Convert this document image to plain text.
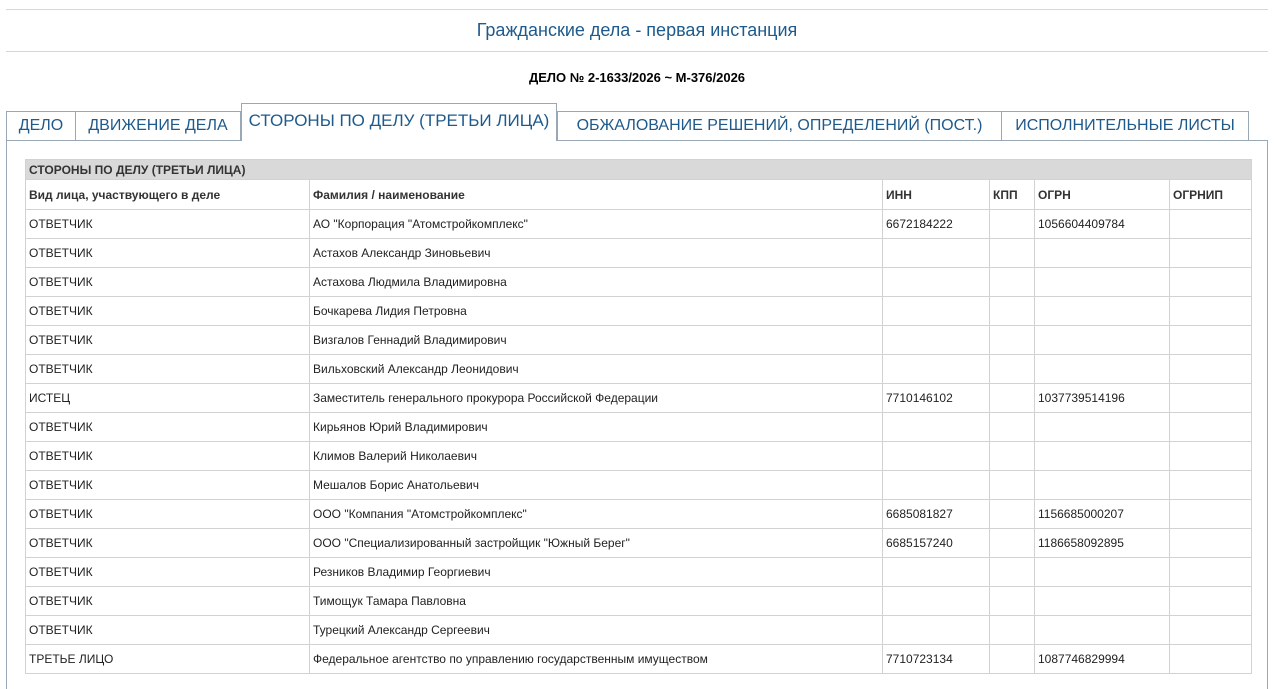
Гражданские дела - первая инстанция
ДЕЛО № 2-1633/2026 ~ М-376/2026
ДЕЛО	ДВИЖЕНИЕ ДЕЛА	СТОРОНЫ ПО ДЕЛУ (ТРЕТЬИ ЛИЦА)	ОБЖАЛОВАНИЕ РЕШЕНИЙ, ОПРЕДЕЛЕНИЙ (ПОСТ.)	ИСПОЛНИТЕЛЬНЫЕ ЛИСТЫ
СТОРОНЫ ПО ДЕЛУ (ТРЕТЬИ ЛИЦА)					
Вид лица, участвующего в деле	Фамилия / наименование	ИНН	КПП	ОГРН	ОГРНИП
ОТВЕТЧИК	АО "Корпорация "Атомстройкомплекс"	6672184222		1056604409784	
ОТВЕТЧИК	Астахов Александр Зиновьевич				
ОТВЕТЧИК	Астахова Людмила Владимировна				
ОТВЕТЧИК	Бочкарева Лидия Петровна				
ОТВЕТЧИК	Визгалов Геннадий Владимирович				
ОТВЕТЧИК	Вильховский Александр Леонидович				
ИСТЕЦ	Заместитель генерального прокурора Российской Федерации	7710146102		1037739514196	
ОТВЕТЧИК	Кирьянов Юрий Владимирович				
ОТВЕТЧИК	Климов Валерий Николаевич				
ОТВЕТЧИК	Мешалов Борис Анатольевич				
ОТВЕТЧИК	ООО "Компания "Атомстройкомплекс"	6685081827		1156685000207	
ОТВЕТЧИК	ООО "Специализированный застройщик "Южный Берег"	6685157240		1186658092895	
ОТВЕТЧИК	Резников Владимир Георгиевич				
ОТВЕТЧИК	Тимощук Тамара Павловна				
ОТВЕТЧИК	Турецкий Александр Сергеевич				
ТРЕТЬЕ ЛИЦО	Федеральное агентство по управлению государственным имуществом	7710723134		1087746829994	
